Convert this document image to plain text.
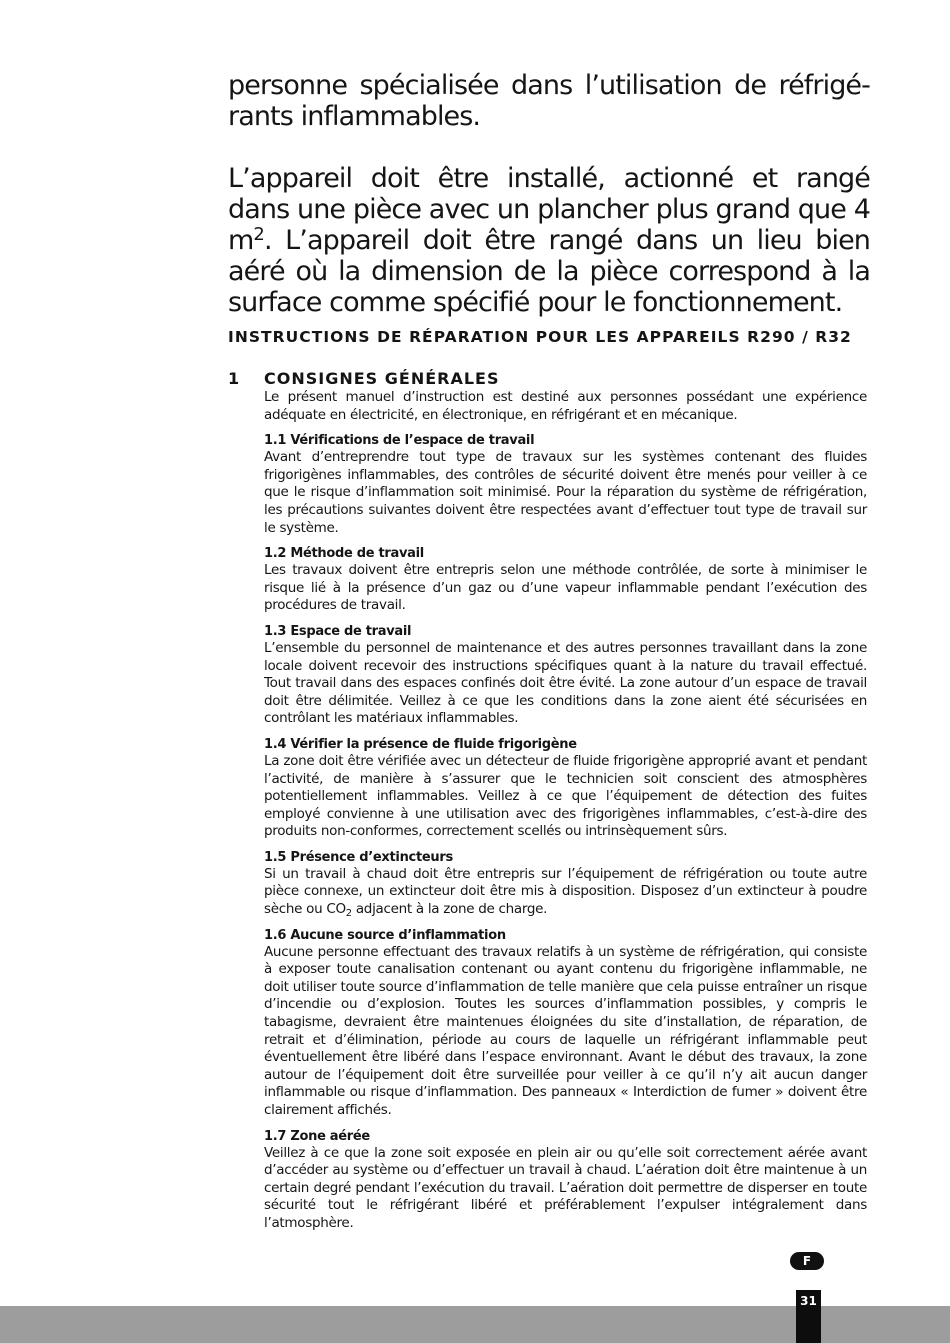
personne spécialisée dans l’utilisation de réfrigé-rants inflammables.

L’appareil doit être installé, actionné et rangé dans une pièce avec un plancher plus grand que 4 $m^2$. L’appareil doit être rangé dans un lieu bien aéré où la dimension de la pièce correspond à la surface comme spécifié pour le fonctionnement.

INSTRUCTIONS DE RÉPARATION POUR LES APPAREILS R290 / R32
1 CONSIGNES GÉNÉRALES

Le présent manuel d’instruction est destiné aux personnes possédant une expérience adéquate en électricité, en électronique, en réfrigérant et en mécanique.

1.1 Vérifications de l’espace de travail

Avant d’entreprendre tout type de travaux sur les systèmes contenant des fluides frigorigènes inflammables, des contrôles de sécurité doivent être menés pour veiller à ce que le risque d’inflammation soit minimisé. Pour la réparation du système de réfrigération, les précautions suivantes doivent être respectées avant d’effectuer tout type de travail sur le système.

1.2 Méthode de travail

Les travaux doivent être entrepris selon une méthode contrôlée, de sorte à minimiser le risque lié à la présence d’un gaz ou d’une vapeur inflammable pendant l’exécution des procédures de travail.

1.3 Espace de travail

L’ensemble du personnel de maintenance et des autres personnes travaillant dans la zone locale doivent recevoir des instructions spécifiques quant à la nature du travail effectué. Tout travail dans des espaces confinés doit être évité. La zone autour d’un espace de travail doit être délimitée. Veillez à ce que les conditions dans la zone aient été sécurisées en contrôlant les matériaux inflammables.

1.4 Vérifier la présence de fluide frigorigène

La zone doit être vérifiée avec un détecteur de fluide frigorigène approprié avant et pendant l’activité, de manière à s’assurer que le technicien soit conscient des atmosphères potentiellement inflammables. Veillez à ce que l’équipement de détection des fuites employé convienne à une utilisation avec des frigorigènes inflammables, c’est-à-dire des produits non-conformes, correctement scellés ou intrinsèquement sûrs.

1.5 Présence d’extincteurs

Si un travail à chaud doit être entrepris sur l’équipement de réfrigération ou toute autre pièce connexe, un extincteur doit être mis à disposition. Disposez d’un extincteur à poudre sèche ou $CO_2$ adjacent à la zone de charge.

1.6 Aucune source d’inflammation

Aucune personne effectuant des travaux relatifs à un système de réfrigération, qui consiste à exposer toute canalisation contenant ou ayant contenu du frigorigène inflammable, ne doit utiliser toute source d’inflammation de telle manière que cela puisse entraîner un risque d’incendie ou d’explosion. Toutes les sources d’inflammation possibles, y compris le tabagisme, devraient être maintenues éloignées du site d’installation, de réparation, de retrait et d’élimination, période au cours de laquelle un réfrigérant inflammable peut éventuellement être libéré dans l’espace environnant. Avant le début des travaux, la zone autour de l’équipement doit être surveillée pour veiller à ce qu’il n’y ait aucun danger inflammable ou risque d’inflammation. Des panneaux « Interdiction de fumer » doivent être clairement affichés.

1.7 Zone aérée

Veillez à ce que la zone soit exposée en plein air ou qu’elle soit correctement aérée avant d’accéder au système ou d’effectuer un travail à chaud. L’aération doit être maintenue à un certain degré pendant l’exécution du travail. L’aération doit permettre de disperser en toute sécurité tout le réfrigérant libéré et préférablement l’expulser intégralement dans l’atmosphère.

F
31
